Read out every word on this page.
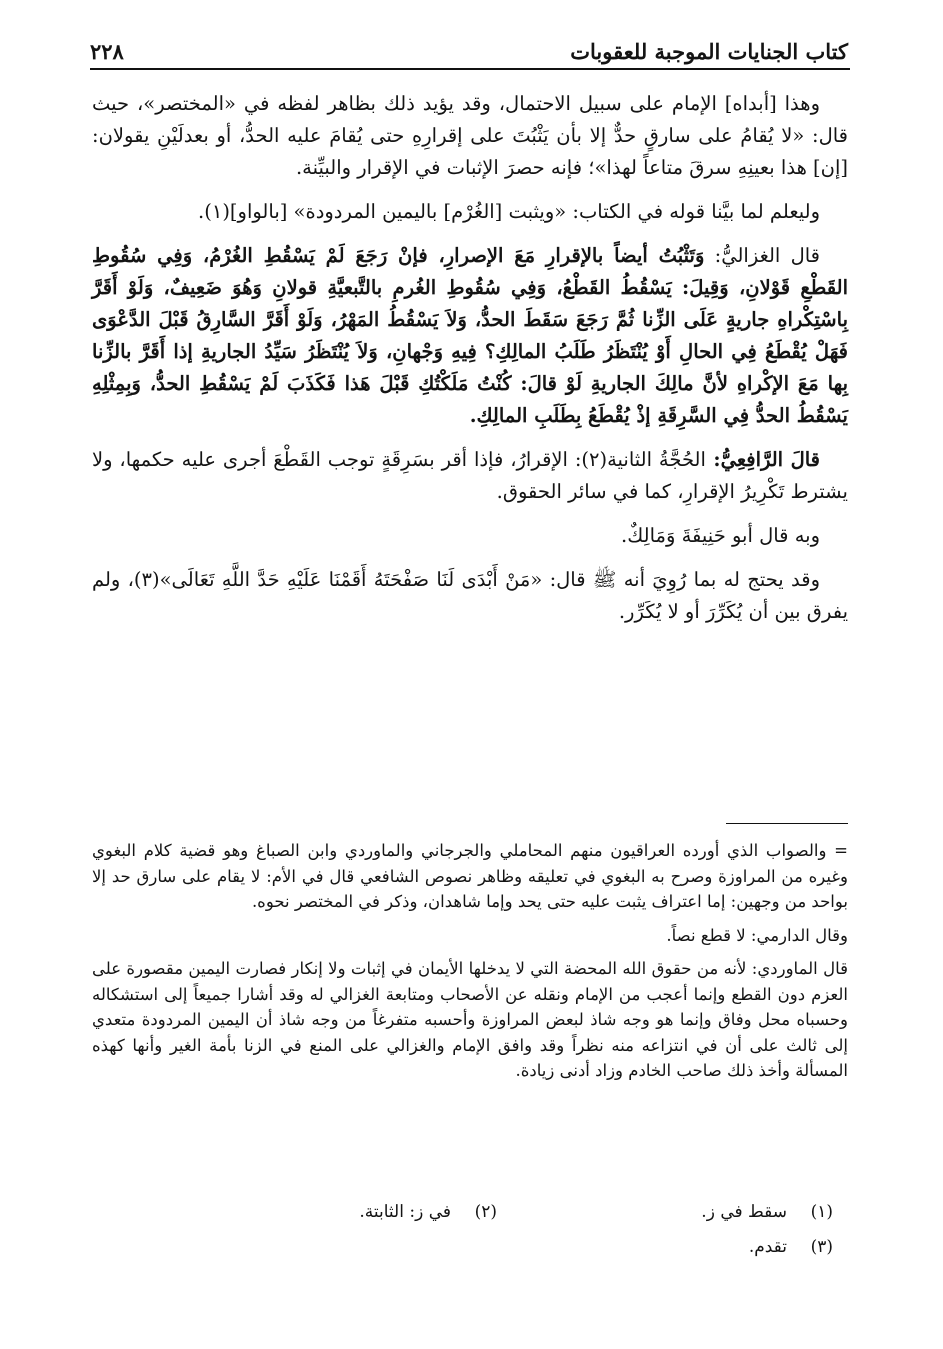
كتاب الجنايات الموجبة للعقوبات
٢٢٨

وهذا [أبداه] الإمام على سبيل الاحتمال، وقد يؤيد ذلك بظاهر لفظه في «المختصر»، حيث قال: «لا يُقامُ على سارقٍ حدٌّ إلا بأن يَثْبُتَ على إقرارِهِ حتى يُقامَ عليه الحدُّ، أو بعدلَيْنِ يقولان: [إن] هذا بعينِهِ سرقَ متاعاً لهذا»؛ فإنه حصرَ الإثبات في الإقرار والبيِّنة.

وليعلم لما بيَّنا قوله في الكتاب: «ويثبت [الغُرْم] باليمين المردودة» [بالواو](١).

قال الغزاليُّ: وَتَثْبُتُ أيضاً بالإقرارِ مَعَ الإصرارِ، فإنْ رَجَعَ لَمْ يَسْقُطِ الغُرْمُ، وَفِي سُقُوطِ القَطْعِ قَوْلانِ، وَقِيلَ: يَسْقُطُ القَطْعُ، وَفِي سُقُوطِ الغُرمِ بالتَّبعيَّةِ قولانِ وَهُوَ ضَعِيفٌ، وَلَوْ أَقَرَّ بِاسْتِكْراهِ جاريةٍ عَلَى الزِّنا ثُمَّ رَجَعَ سَقَطَ الحدُّ، وَلاَ يَسْقُطُ المَهْرُ، وَلَوْ أَقَرَّ السَّارِقُ قَبْلَ الدَّعْوَى فَهَلْ يُقْطَعُ فِي الحالِ أَوْ يُنْتَظَرُ طَلَبُ المالِكِ؟ فِيهِ وَجْهانِ، وَلاَ يُنْتَظَرُ سَيِّدُ الجاريةِ إذا أَقَرَّ بالزِّنا بِها مَعَ الإكْراهِ لأنَّ مالِكَ الجاريةِ لَوْ قالَ: كُنْتُ مَلَكْتُكِ قَبْلَ هَذا فَكَذَبَ لَمْ يَسْقُطِ الحدُّ، وَبِمِثْلِهِ يَسْقُطُ الحدُّ فِي السَّرِقَةِ إذْ يُقْطَعُ بِطَلَبِ المالِكِ.

قالَ الرَّافِعِيُّ: الحُجَّةُ الثانية(٢): الإقرارُ، فإذا أقر بسَرِقَةٍ توجب القَطْعَ أجرى عليه حكمها، ولا يشترط تَكْرِيرُ الإقرارِ، كما في سائر الحقوق.

وبه قال أبو حَنِيفَةَ وَمَالِكٌ.

وقد يحتج له بما رُوِيَ أنه ﷺ قال: «مَنْ أَبْدَى لَنَا صَفْحَتَهُ أَقَمْنَا عَلَيْهِ حَدَّ اللَّهِ تَعَالَى»(٣)، ولم يفرق بين أن يُكَرِّرَ أو لا يُكَرِّر.

= والصواب الذي أورده العراقيون منهم المحاملي والجرجاني والماوردي وابن الصباغ وهو قضية كلام البغوي وغيره من المراوزة وصرح به البغوي في تعليقه وظاهر نصوص الشافعي قال في الأم: لا يقام على سارق حد إلا بواحد من وجهين: إما اعتراف يثبت عليه حتى يحد وإما شاهدان، وذكر في المختصر نحوه.

وقال الدارمي: لا قطع نصاً.

قال الماوردي: لأنه من حقوق الله المحضة التي لا يدخلها الأيمان في إثبات ولا إنكار فصارت اليمين مقصورة على العزم دون القطع وإنما أعجب من الإمام ونقله عن الأصحاب ومتابعة الغزالي له وقد أشارا جميعاً إلى استشكاله وحسباه محل وفاق وإنما هو وجه شاذ لبعض المراوزة وأحسبه متفرغاً من وجه شاذ أن اليمين المردودة متعدي إلى ثالث على أن في انتزاعه منه نظراً وقد وافق الإمام والغزالي على المنع في الزنا بأمة الغير وأنها كهذه المسألة وأخذ ذلك صاحب الخادم وزاد أدنى زيادة.

(١)
سقط في ز.
(٢)
في ز: الثابتة.
(٣)
تقدم.
